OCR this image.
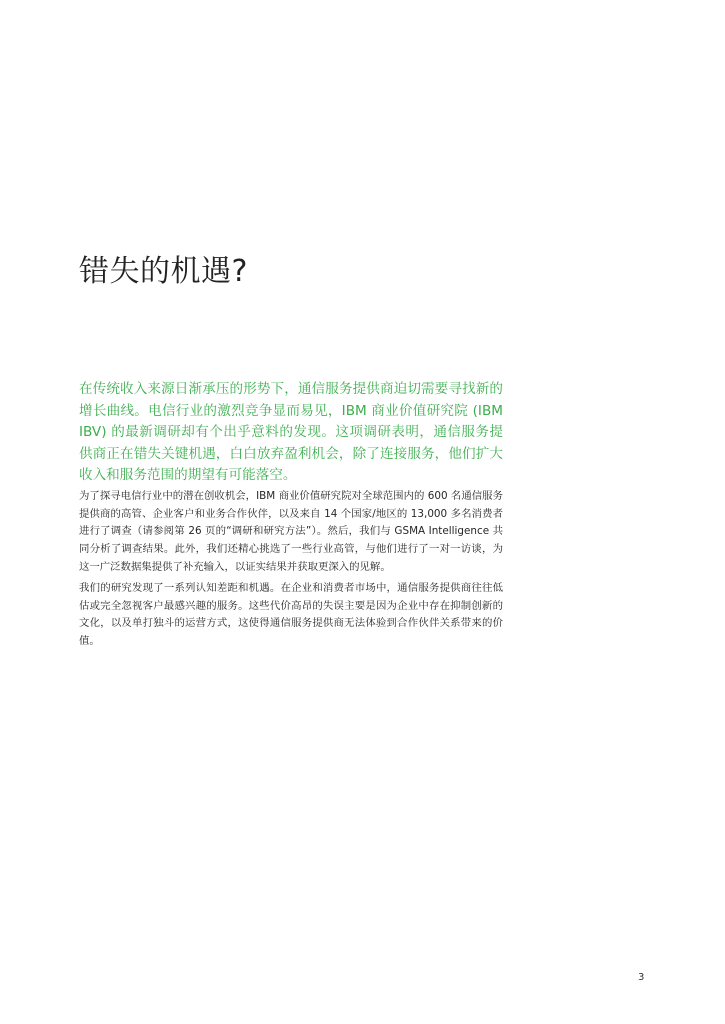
错失的机遇?

在传统收入来源日渐承压的形势下，通信服务提供商迫切需要寻找新的增长曲线。电信行业的激烈竞争显而易见，IBM 商业价值研究院 (IBM IBV) 的最新调研却有个出乎意料的发现。这项调研表明，通信服务提供商正在错失关键机遇，白白放弃盈利机会，除了连接服务，他们扩大收入和服务范围的期望有可能落空。

为了探寻电信行业中的潜在创收机会，IBM 商业价值研究院对全球范围内的 600 名通信服务提供商的高管、企业客户和业务合作伙伴，以及来自 14 个国家/地区的 13,000 多名消费者进行了调查（请参阅第 26 页的“调研和研究方法”）。然后，我们与 GSMA Intelligence 共同分析了调查结果。此外，我们还精心挑选了一些行业高管，与他们进行了一对一访谈，为这一广泛数据集提供了补充输入，以证实结果并获取更深入的见解。

我们的研究发现了一系列认知差距和机遇。在企业和消费者市场中，通信服务提供商往往低估或完全忽视客户最感兴趣的服务。这些代价高昂的失误主要是因为企业中存在抑制创新的文化，以及单打独斗的运营方式，这使得通信服务提供商无法体验到合作伙伴关系带来的价值。

3
